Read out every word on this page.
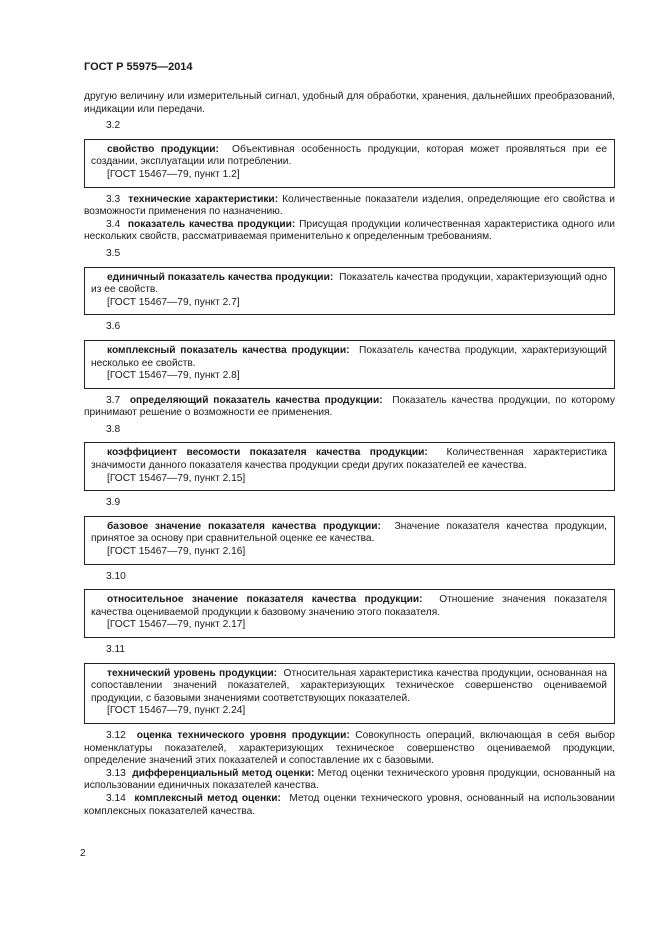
ГОСТ Р 55975—2014

другую величину или измерительный сигнал, удобный для обработки, хранения, дальнейших преобразований, индикации или передачи.

3.2

свойство продукции: Объективная особенность продукции, которая может проявляться при ее создании, эксплуатации или потреблении.

[ГОСТ 15467—79, пункт 1.2]

3.3 технические характеристики: Количественные показатели изделия, определяющие его свойства и возможности применения по назначению.

3.4 показатель качества продукции: Присущая продукции количественная характеристика одного или нескольких свойств, рассматриваемая применительно к определенным требованиям.

3.5

единичный показатель качества продукции: Показатель качества продукции, характеризующий одно из ее свойств.

[ГОСТ 15467—79, пункт 2.7]

3.6

комплексный показатель качества продукции: Показатель качества продукции, характеризующий несколько ее свойств.

[ГОСТ 15467—79, пункт 2.8]

3.7 определяющий показатель качества продукции: Показатель качества продукции, по которому принимают решение о возможности ее применения.

3.8

коэффициент весомости показателя качества продукции: Количественная характеристика значимости данного показателя качества продукции среди других показателей ее качества.

[ГОСТ 15467—79, пункт 2.15]

3.9

базовое значение показателя качества продукции: Значение показателя качества продукции, принятое за основу при сравнительной оценке ее качества.

[ГОСТ 15467—79, пункт 2.16]

3.10

относительное значение показателя качества продукции: Отношение значения показателя качества оцениваемой продукции к базовому значению этого показателя.

[ГОСТ 15467—79, пункт 2.17]

3.11

технический уровень продукции: Относительная характеристика качества продукции, основанная на сопоставлении значений показателей, характеризующих техническое совершенство оцениваемой продукции, с базовыми значениями соответствующих показателей.

[ГОСТ 15467—79, пункт 2.24]

3.12 оценка технического уровня продукции: Совокупность операций, включающая в себя выбор номенклатуры показателей, характеризующих техническое совершенство оцениваемой продукции, определение значений этих показателей и сопоставление их с базовыми.

3.13 дифференциальный метод оценки: Метод оценки технического уровня продукции, основанный на использовании единичных показателей качества.

3.14 комплексный метод оценки: Метод оценки технического уровня, основанный на использовании комплексных показателей качества.

2
